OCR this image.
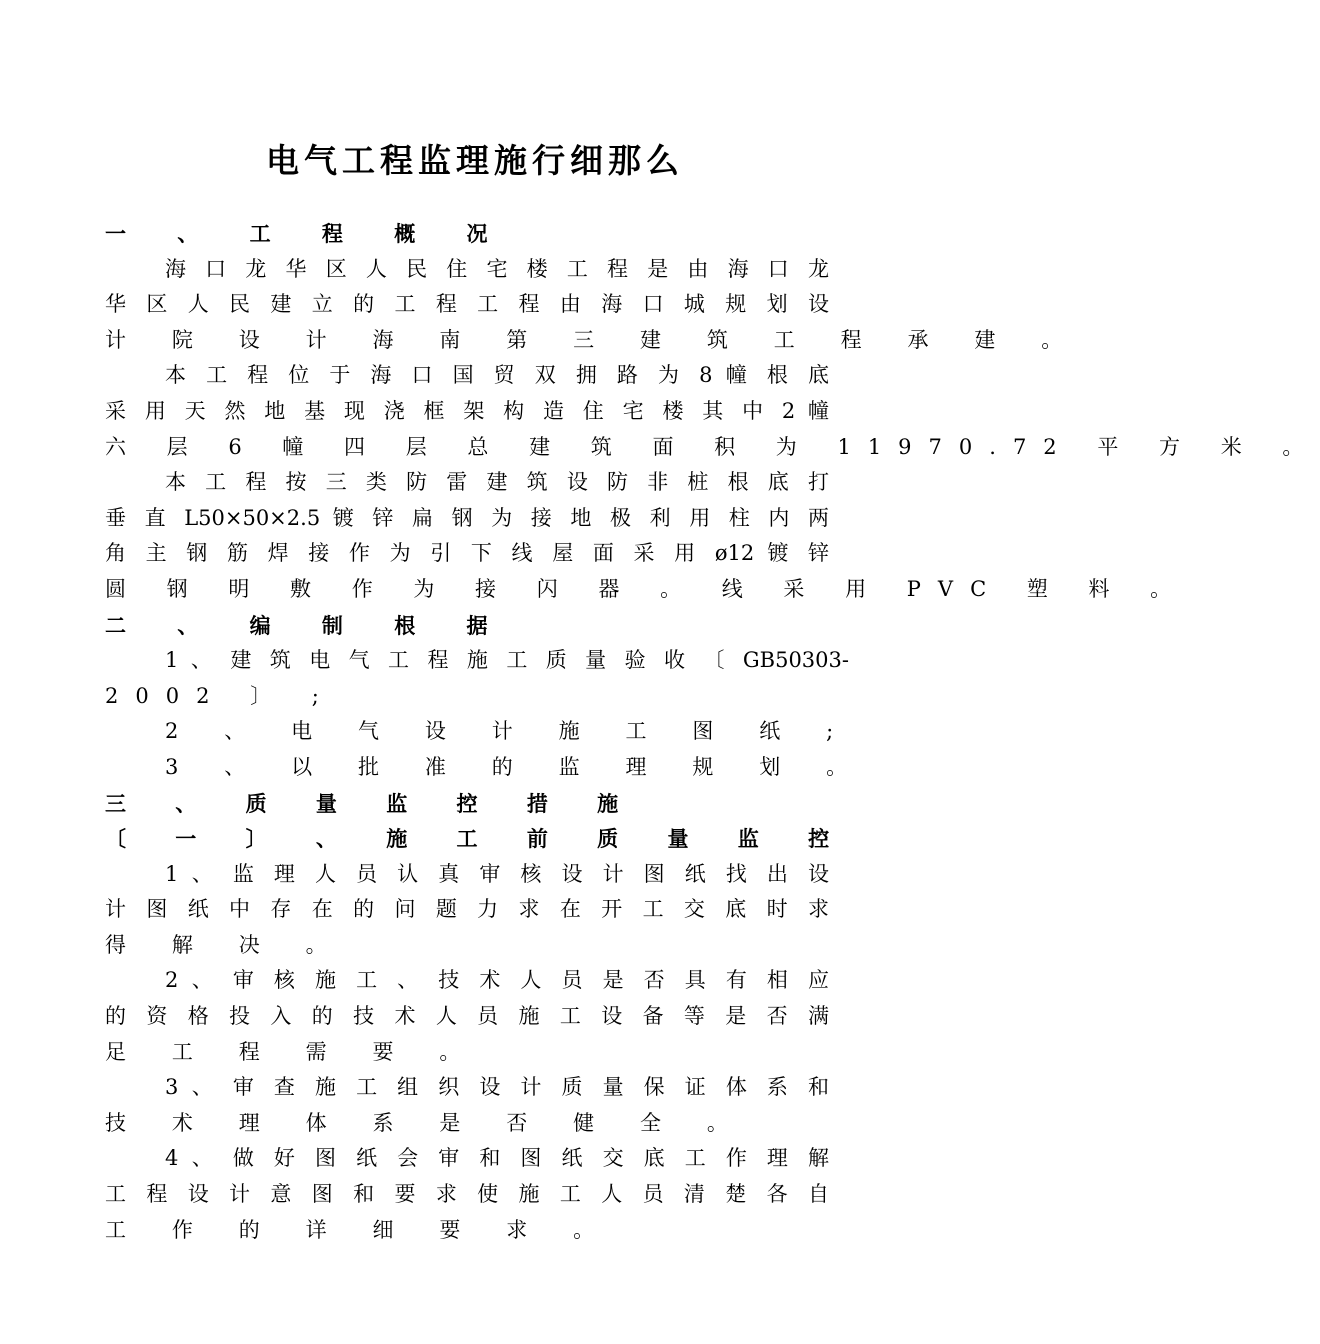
电气工程监理施行细那么
一 、 工 程 概 况
海 口 龙 华 区 人 民 住 宅 楼 工 程 是 由 海 口 龙
华 区 人 民 建 立 的 工 程 工 程 由 海 口 城 规 划 设
计 院 设 计 海 南 第 三 建 筑 工 程 承 建 。
本 工 程 位 于 海 口 国 贸 双 拥 路 为 8 幢 根 底
采 用 天 然 地 基 现 浇 框 架 构 造 住 宅 楼 其 中 2 幢
六 层 6 幢 四 层 总 建 筑 面 积 为 11970.72 平 方 米 。
本 工 程 按 三 类 防 雷 建 筑 设 防 非 桩 根 底 打
垂 直 L50×50×2.5 镀 锌 扁 钢 为 接 地 极 利 用 柱 内 两
角 主 钢 筋 焊 接 作 为 引 下 线 屋 面 采 用 ø12 镀 锌
圆 钢 明 敷 作 为 接 闪 器 。 线 采 用 PVC 塑 料 。
二 、 编 制 根 据
1 、 建 筑 电 气 工 程 施 工 质 量 验 收 〔 GB50303-
2002 〕 ;
2 、 电 气 设 计 施 工 图 纸 ;
3 、 以 批 准 的 监 理 规 划 。
三 、 质 量 监 控 措 施
〔 一 〕 、 施 工 前 质 量 监 控
1 、 监 理 人 员 认 真 审 核 设 计 图 纸 找 出 设
计 图 纸 中 存 在 的 问 题 力 求 在 开 工 交 底 时 求
得 解 决 。
2 、 审 核 施 工 、 技 术 人 员 是 否 具 有 相 应
的 资 格 投 入 的 技 术 人 员 施 工 设 备 等 是 否 满
足 工 程 需 要 。
3 、 审 查 施 工 组 织 设 计 质 量 保 证 体 系 和
技 术 理 体 系 是 否 健 全 。
4 、 做 好 图 纸 会 审 和 图 纸 交 底 工 作 理 解
工 程 设 计 意 图 和 要 求 使 施 工 人 员 清 楚 各 自
工 作 的 详 细 要 求 。
